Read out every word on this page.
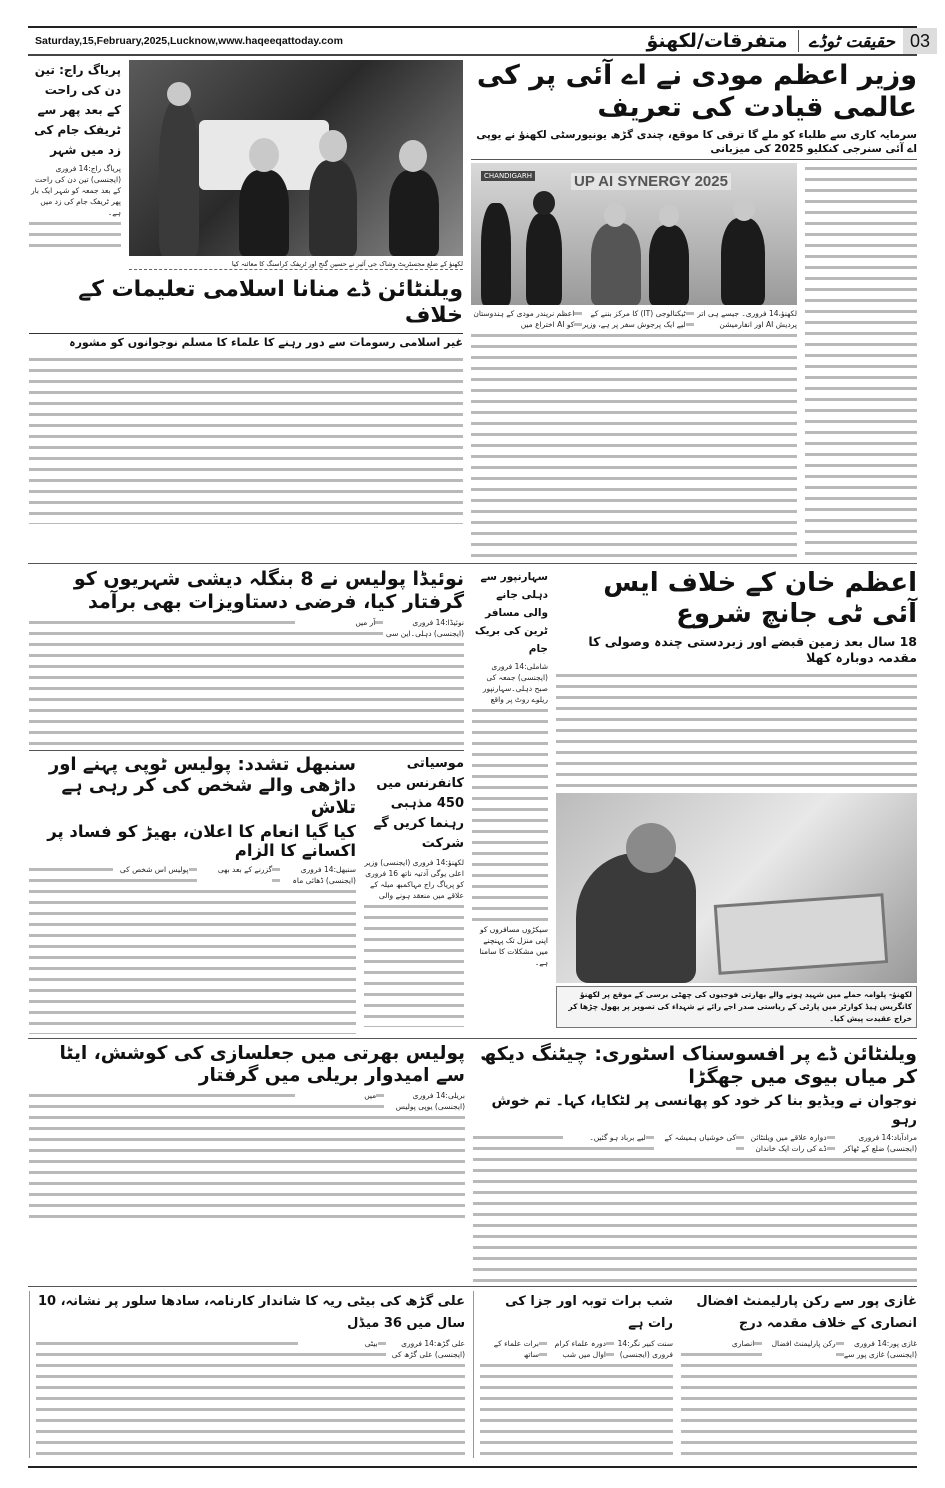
Saturday,15,February,2025,Lucknow,www.haqeeqattoday.com	حقیقت ٹوڈے
متفرقات/لکھنؤ	03
وزیر اعظم مودی نے اے آئی پر کی عالمی قیادت کی تعریف
سرمایہ کاری سے طلباء کو ملے گا ترقی کا موقع، چندی گڑھ یونیورسٹی لکھنؤ نے یوپی اے آئی سنرجی کنکلیو 2025 کی میزبانی
UP AI SYNERGY 2025
CHANDIGARH

لکھنؤ،14 فروری۔ جیسے ہی اتر پردیش AI اور انفارمیشن ٹیکنالوجی (IT) کا مرکز بننے کے لیے ایک پرجوش سفر پر ہے، وزیر اعظم نریندر مودی کے ہندوستان کو AI اختراع میں

پریاگ راج: تین دن کی راحت کے بعد پھر سے ٹریفک جام کی زد میں شہر

پریاگ راج:14 فروری (ایجنسی) تین دن کی راحت کے بعد جمعہ کو شہر ایک بار پھر ٹریفک جام کی زد میں ہے۔

لکھنؤ کے ضلع مجسٹریٹ وشاک جی آئیر نے حسین گنج اور ٹریفک کراسنگ کا معائنہ کیا
ویلنٹائن ڈے منانا اسلامی تعلیمات کے خلاف
غیر اسلامی رسومات سے دور رہنے کا علماء کا مسلم نوجوانوں کو مشورہ
اعظم خان کے خلاف ایس آئی ٹی جانچ شروع
18 سال بعد زمین قبضے اور زبردستی چندہ وصولی کا مقدمہ دوبارہ کھلا
لکھنؤ- پلوامہ حملے میں شہید ہونے والے بھارتی فوجیوں کی چھٹی برسی کے موقع پر لکھنؤ کانگریس ہیڈ کوارٹر میں پارٹی کے ریاستی صدر اجے رائے نے شہداء کی تصویر پر پھول چڑھا کر خراج عقیدت پیش کیا۔
سہارنپور سے دہلی جانے والی مسافر ٹرین کی بریک جام

شاملی:14 فروری (ایجنسی) جمعہ کی صبح دہلی۔سہارنپور ریلوے روٹ پر واقع

سیکڑوں مسافروں کو اپنی منزل تک پہنچنے میں مشکلات کا سامنا ہے۔
نوئیڈا پولیس نے 8 بنگلہ دیشی شہریوں کو گرفتار کیا، فرضی دستاویزات بھی برآمد

نوئیڈا:14 فروری (ایجنسی) دہلی۔این سی آر میں

سنبھل تشدد: پولیس ٹوپی پہنے اور داڑھی والے شخص کی کر رہی ہے تلاش
کیا گیا انعام کا اعلان، بھیڑ کو فساد پر اکسانے کا الزام

سنبھل:14 فروری (ایجنسی) ڈھائی ماہ گزرنے کے بعد بھی پولیس اس شخص کی

موسیاتی کانفرنس میں 450 مذہبی رہنما کریں گے شرکت

لکھنؤ:14 فروری (ایجنسی) وزیر اعلی یوگی آدتیہ ناتھ 16 فروری کو پریاگ راج مہاکمبھ میلہ کے علاقے میں منعقد ہونے والی

ویلنٹائن ڈے پر افسوسناک اسٹوری: چیٹنگ دیکھ کر میاں بیوی میں جھگڑا
نوجوان نے ویڈیو بنا کر خود کو پھانسی پر لٹکایا، کہا۔ تم خوش رہو

مرادآباد:14 فروری (ایجنسی) ضلع کے ٹھاکر دوارہ علاقے میں ویلنٹائن ڈے کی رات ایک خاندان کی خوشیاں ہمیشہ کے لیے برباد ہو گئیں۔

پولیس بھرتی میں جعلسازی کی کوشش، ایٹا سے امیدوار بریلی میں گرفتار

بریلی:14 فروری (ایجنسی) یوپی پولیس میں

غازی پور سے رکن پارلیمنٹ افضال انصاری کے خلاف مقدمہ درج

غازی پور:14 فروری (ایجنسی) غازی پور سے رکن پارلیمنٹ افضال انصاری

شب برات توبہ اور جزا کی رات ہے

سنت کبیر نگر:14 فروری (ایجنسی) دورہ علماء کرام اوال میں شب برات علماء کے ساتھ

علی گڑھ کی بیٹی ریہ کا شاندار کارنامہ، سادھا سلور پر نشانہ، 10 سال میں 36 میڈل

علی گڑھ:14 فروری (ایجنسی) علی گڑھ کی بیٹی
